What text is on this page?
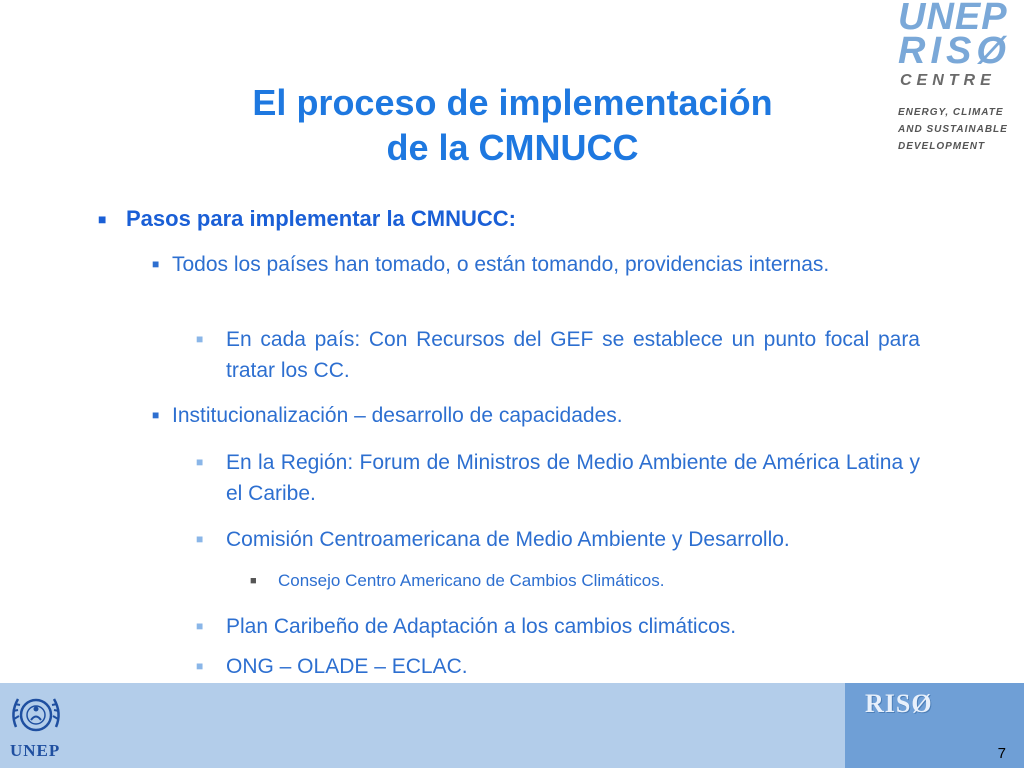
UNEP
RISØ
CENTRE
ENERGY, CLIMATE
AND SUSTAINABLE
DEVELOPMENT
El proceso de implementación
de la CMNUCC
■ Pasos para implementar la CMNUCC:
■ Todos los países han tomado, o están tomando, providencias internas.
■	En cada país: Con Recursos del GEF se establece un punto focal para tratar los CC.
■ Institucionalización – desarrollo de capacidades.
■	En la Región: Forum de Ministros de Medio Ambiente de América Latina y el Caribe.
■	Comisión Centroamericana de Medio Ambiente y Desarrollo.
■	Consejo Centro Americano de Cambios Climáticos.
■	Plan Caribeño de Adaptación a los cambios climáticos.
■	ONG – OLADE – ECLAC.
UNEP
RISØ
7
